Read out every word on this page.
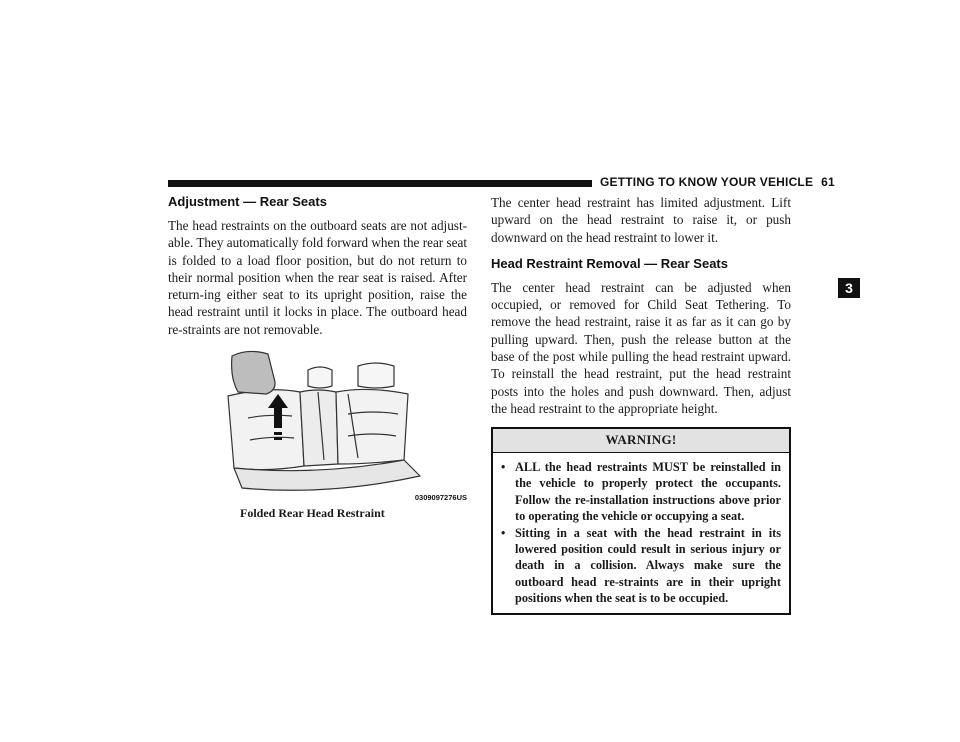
GETTING TO KNOW YOUR VEHICLE 61
3
Adjustment — Rear Seats

The head restraints on the outboard seats are not adjust-able. They automatically fold forward when the rear seat is folded to a load floor position, but do not return to their normal position when the rear seat is raised. After return-ing either seat to its upright position, raise the head restraint until it locks in place. The outboard head re-straints are not removable.

0309097276US
Folded Rear Head Restraint

The center head restraint has limited adjustment. Lift upward on the head restraint to raise it, or push downward on the head restraint to lower it.

Head Restraint Removal — Rear Seats

The center head restraint can be adjusted when occupied, or removed for Child Seat Tethering. To remove the head restraint, raise it as far as it can go by pulling upward. Then, push the release button at the base of the post while pulling the head restraint upward. To reinstall the head restraint, put the head restraint posts into the holes and push downward. Then, adjust the head restraint to the appropriate height.

WARNING!
• ALL the head restraints MUST be reinstalled in the vehicle to properly protect the occupants. Follow the re-installation instructions above prior to operating the vehicle or occupying a seat.
• Sitting in a seat with the head restraint in its lowered position could result in serious injury or death in a collision. Always make sure the outboard head re-straints are in their upright positions when the seat is to be occupied.
